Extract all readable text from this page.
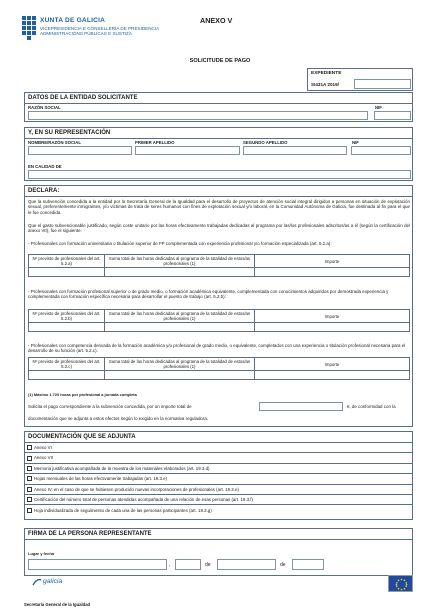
XUNTA DE GALICIA
VICEPRESIDENCIA E CONSELLERÍA DE PRESIDENCIA
ADMINISTRACIÓNS PÚBLICAS E XUSTIZA
ANEXO V
SOLICITUDE DE PAGO
EXPEDIENTE
SI431A 2019/
DATOS DE LA ENTIDAD SOLICITANTE
RAZÓN SOCIAL	NIF
Y, EN SU REPRESENTACIÓN
NOMBRE/RAZÓN SOCIAL	PRIMER APELLIDO	SEGUNDO APELLIDO	NIF
EN CALIDAD DE
DECLARA:
Que la subvención concedida a la entidad por la Secretaría General de la Igualdad para el desarrollo de proyectos de atención social integral dirigidos a personas en situación de explotación sexual, preferentemente inmigrantes, y/o víctimas de trata de seres humanos con fines de explotación sexual y/o laboral, en la Comunidad Autónoma de Galicia, fue destinada al fin para el que le fue concedida.
Que el gasto subvencionable justificado, según coste unitario por las horas efectivamente trabajadas dedicadas al programa por las/los profesionales adscritos/as a él (según la certificación del anexo VII), fue el siguiente:
- Profesionales con formación universitaria o titulación superior de FP complementada con experiencia profesional y/o formación especializada (art. 5.2.a):
Nº previsto de profesionales del art. 5.2.a)	Suma total de las horas dedicadas al programa de la totalidad de estos/as profesionales (1)	Importe

- Profesionales con formación profesional superior o de grado medio, o formación académica equivalente, complementada con conocimientos adquiridos por demostrada experiencia y complementada con formación específica necesaria para desarrollar el puesto de trabajo (art. 5.2.b):
Nº previsto de profesionales del art. 5.2.b)	Suma total de las horas dedicadas al programa de la totalidad de estos/as profesionales (1)	Importe

- Profesionales con competencia derivada de la formación académica y/o profesional de grado medio, o equivalente, completados con una experiencia o titulación profesional necesaria para el desarrollo de su función (art. 5.2.c).
Nº previsto de profesionales del art. 5.2.c)	Suma total de las horas dedicadas al programa de la totalidad de estos/as profesionales (1)	Importe

(1) Máximo 1.720 horas por profesional a jornada completa
Solicita el pago correspondiente a la subvención concedida, por un importe total de	€, de conformidad con la
documentación que se adjunta a estos efectos según lo exigido en la normativa reguladora.
DOCUMENTACIÓN QUE SE ADJUNTA
Anexo VI
Anexo VII
Memoria justificativa acompañada de la muestra de los materiales elaborados (art. 19.3.d)
Hojas mensuales de las horas efectivamente trabajadas (art. 19.3.e)
Anexo IV, en el caso de que se hubiesen producido nuevas incorporaciones de profesionales (art. 19.3.e)
Certificación del número total de personas atendidas acompañada de una relación de esas personas (art. 19.3.f)
Hoja individualizada de seguimiento de cada una de las personas participantes (art. 19.3.g)
FIRMA DE LA PERSONA REPRESENTANTE
Lugar y fecha
,	de	de
galicia
Secretaría General de la Igualdad
